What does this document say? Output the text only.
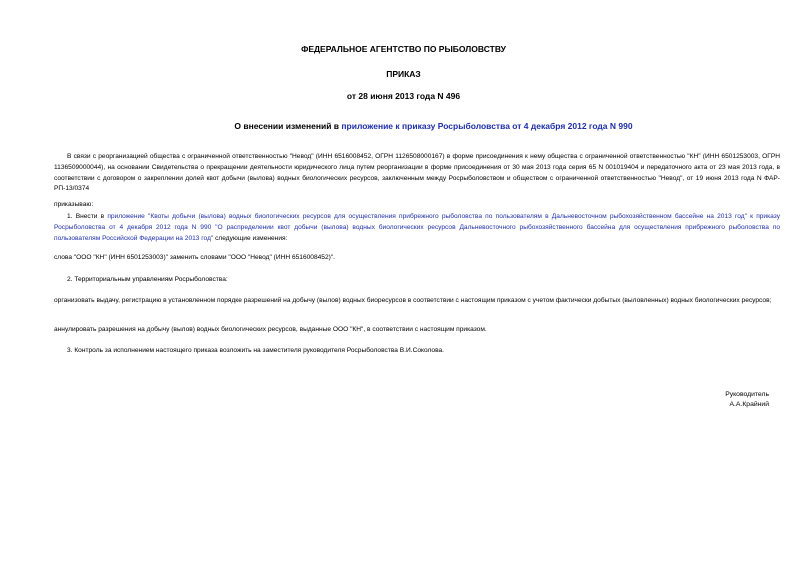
ФЕДЕРАЛЬНОЕ АГЕНТСТВО ПО РЫБОЛОВСТВУ
ПРИКАЗ
от 28 июня 2013 года N 496
О внесении изменений в приложение к приказу Росрыболовства от 4 декабря 2012 года N 990
В связи с реорганизацией общества с ограниченной ответственностью "Невод" (ИНН 6516008452, ОГРН 1126508000167) в форме присоединения к нему общества с ограниченной ответственностью "КН" (ИНН 6501253003, ОГРН 1136509000044), на основании Свидетельства о прекращении деятельности юридического лица путем реорганизации в форме присоединения от 30 мая 2013 года серия 65 N 001019404 и передаточного акта от 23 мая 2013 года, в соответствии с договором о закреплении долей квот добычи (вылова) водных биологических ресурсов, заключенным между Росрыболовством и обществом с ограниченной ответственностью "Невод", от 19 июня 2013 года N ФАР-РП-13/0374
приказываю:
1. Внести в приложение "Квоты добычи (вылова) водных биологических ресурсов для осуществления прибрежного рыболовства по пользователям в Дальневосточном рыбохозяйственном бассейне на 2013 год" к приказу Росрыболовства от 4 декабря 2012 года N 990 "О распределении квот добычи (вылова) водных биологических ресурсов Дальневосточного рыбохозяйственного бассейна для осуществления прибрежного рыболовства по пользователям Российской Федерации на 2013 год" следующие изменения:
слова "ООО "КН" (ИНН 6501253003)" заменить словами "ООО "Невод" (ИНН 6516008452)".
2. Территориальным управлениям Росрыболовства:
организовать выдачу, регистрацию в установленном порядке разрешений на добычу (вылов) водных биоресурсов в соответствии с настоящим приказом с учетом фактически добытых (выловленных) водных биологических ресурсов;
аннулировать разрешения на добычу (вылов) водных биологических ресурсов, выданные ООО "КН", в соответствии с настоящим приказом.
3. Контроль за исполнением настоящего приказа возложить на заместителя руководителя Росрыболовства В.И.Соколова.
Руководитель
А.А.Крайний
